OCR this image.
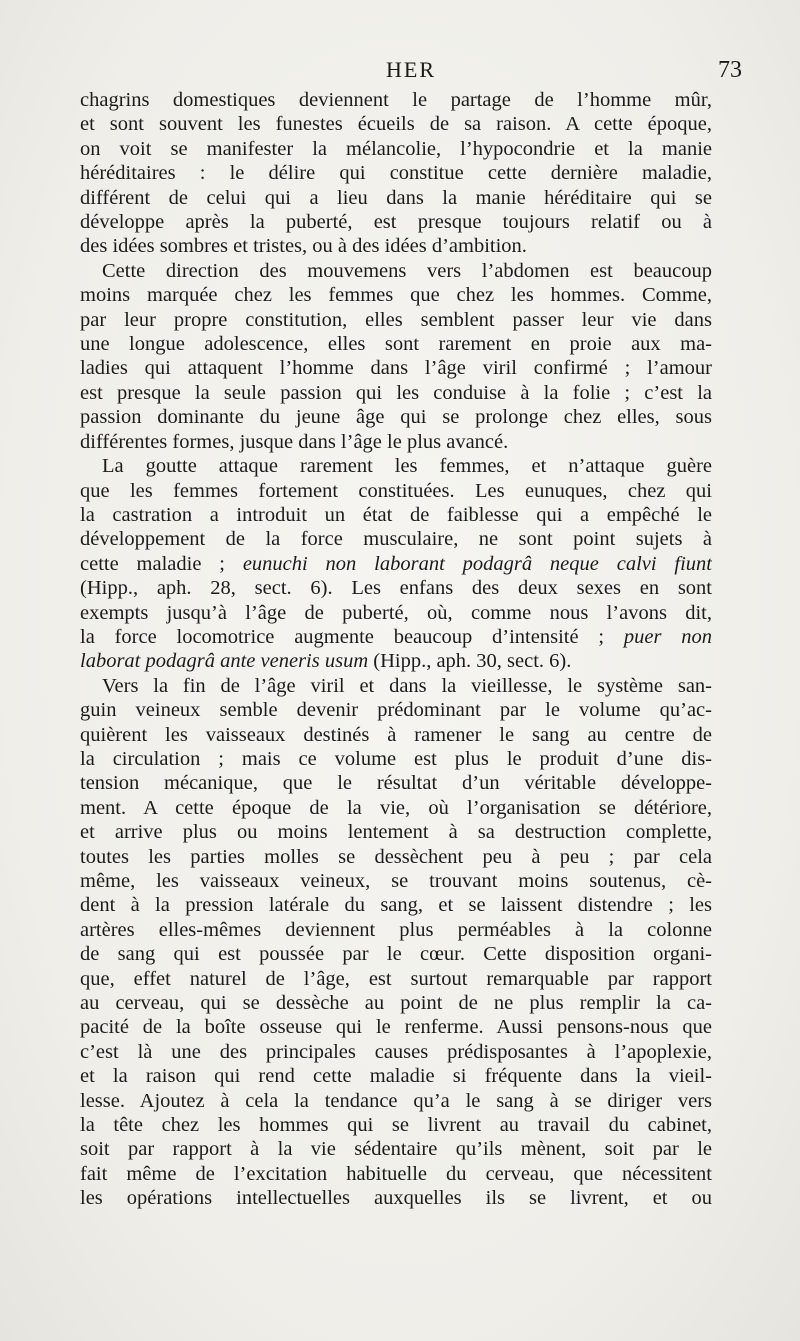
HER	73

chagrins domestiques deviennent le partage de l’homme mûr,
et sont souvent les funestes écueils de sa raison. A cette époque,
on voit se manifester la mélancolie, l’hypocondrie et la manie
héréditaires : le délire qui constitue cette dernière maladie,
différent de celui qui a lieu dans la manie héréditaire qui se
développe après la puberté, est presque toujours relatif ou à
des idées sombres et tristes, ou à des idées d’ambition.

Cette direction des mouvemens vers l’abdomen est beaucoup
moins marquée chez les femmes que chez les hommes. Comme,
par leur propre constitution, elles semblent passer leur vie dans
une longue adolescence, elles sont rarement en proie aux ma-
ladies qui attaquent l’homme dans l’âge viril confirmé ; l’amour
est presque la seule passion qui les conduise à la folie ; c’est la
passion dominante du jeune âge qui se prolonge chez elles, sous
différentes formes, jusque dans l’âge le plus avancé.

La goutte attaque rarement les femmes, et n’attaque guère
que les femmes fortement constituées. Les eunuques, chez qui
la castration a introduit un état de faiblesse qui a empêché le
développement de la force musculaire, ne sont point sujets à
cette maladie ; eunuchi non laborant podagrâ neque calvi fiunt
(Hipp., aph. 28, sect. 6). Les enfans des deux sexes en sont
exempts jusqu’à l’âge de puberté, où, comme nous l’avons dit,
la force locomotrice augmente beaucoup d’intensité ; puer non
laborat podagrâ ante veneris usum (Hipp., aph. 30, sect. 6).

Vers la fin de l’âge viril et dans la vieillesse, le système san-
guin veineux semble devenir prédominant par le volume qu’ac-
quièrent les vaisseaux destinés à ramener le sang au centre de
la circulation ; mais ce volume est plus le produit d’une dis-
tension mécanique, que le résultat d’un véritable développe-
ment. A cette époque de la vie, où l’organisation se détériore,
et arrive plus ou moins lentement à sa destruction complette,
toutes les parties molles se dessèchent peu à peu ; par cela
même, les vaisseaux veineux, se trouvant moins soutenus, cè-
dent à la pression latérale du sang, et se laissent distendre ; les
artères elles-mêmes deviennent plus perméables à la colonne
de sang qui est poussée par le cœur. Cette disposition organi-
que, effet naturel de l’âge, est surtout remarquable par rapport
au cerveau, qui se dessèche au point de ne plus remplir la ca-
pacité de la boîte osseuse qui le renferme. Aussi pensons-nous que
c’est là une des principales causes prédisposantes à l’apoplexie,
et la raison qui rend cette maladie si fréquente dans la vieil-
lesse. Ajoutez à cela la tendance qu’a le sang à se diriger vers
la tête chez les hommes qui se livrent au travail du cabinet,
soit par rapport à la vie sédentaire qu’ils mènent, soit par le
fait même de l’excitation habituelle du cerveau, que nécessitent
les opérations intellectuelles auxquelles ils se livrent, et ou
